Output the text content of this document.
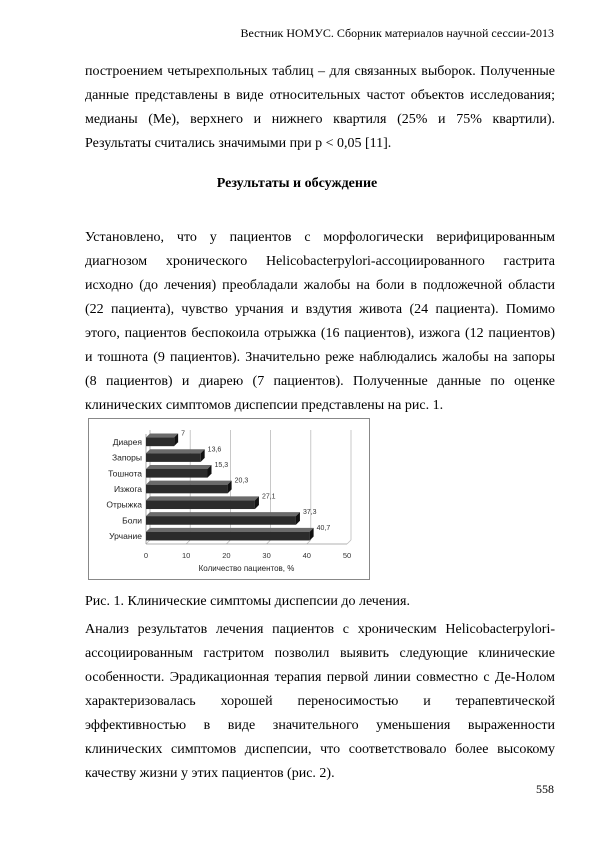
Вестник НОМУС. Сборник материалов научной сессии-2013
построением четырехпольных таблиц – для связанных выборок. Полученные
данные представлены в виде относительных частот объектов исследования;
медианы (Ме), верхнего и нижнего квартиля (25% и 75% квартили).
Результаты считались значимыми при p < 0,05 [11].
Результаты и обсуждение
Установлено, что у пациентов с морфологически верифицированным
диагнозом хронического Helicobacterpylori-ассоциированного гастрита
исходно (до лечения) преобладали жалобы на боли в подложечной области
(22 пациента), чувство урчания и вздутия живота (24 пациента). Помимо
этого, пациентов беспокоила отрыжка (16 пациентов), изжога (12 пациентов)
и тошнота (9 пациентов). Значительно реже наблюдались жалобы на запоры
(8 пациентов) и диарею (7 пациентов). Полученные данные по оценке
клинических симптомов диспепсии представлены на рис. 1.
0	10	20	30	40	50
7
Диарея
13,6
Запоры
15,3
Тошнота
20,3
Изжога
27,1
Отрыжка
37,3
Боли
40,7
Урчание
Количество пациентов, %
Рис. 1. Клинические симптомы диспепсии до лечения.
Анализ результатов лечения пациентов с хроническим Helicobacterpylori-
ассоциированным гастритом позволил выявить следующие клинические
особенности. Эрадикационная терапия первой линии совместно с Де-Нолом
характеризовалась хорошей переносимостью и терапевтической
эффективностью в виде значительного уменьшения выраженности
клинических симптомов диспепсии, что соответствовало более высокому
качеству жизни у этих пациентов (рис. 2).
558
